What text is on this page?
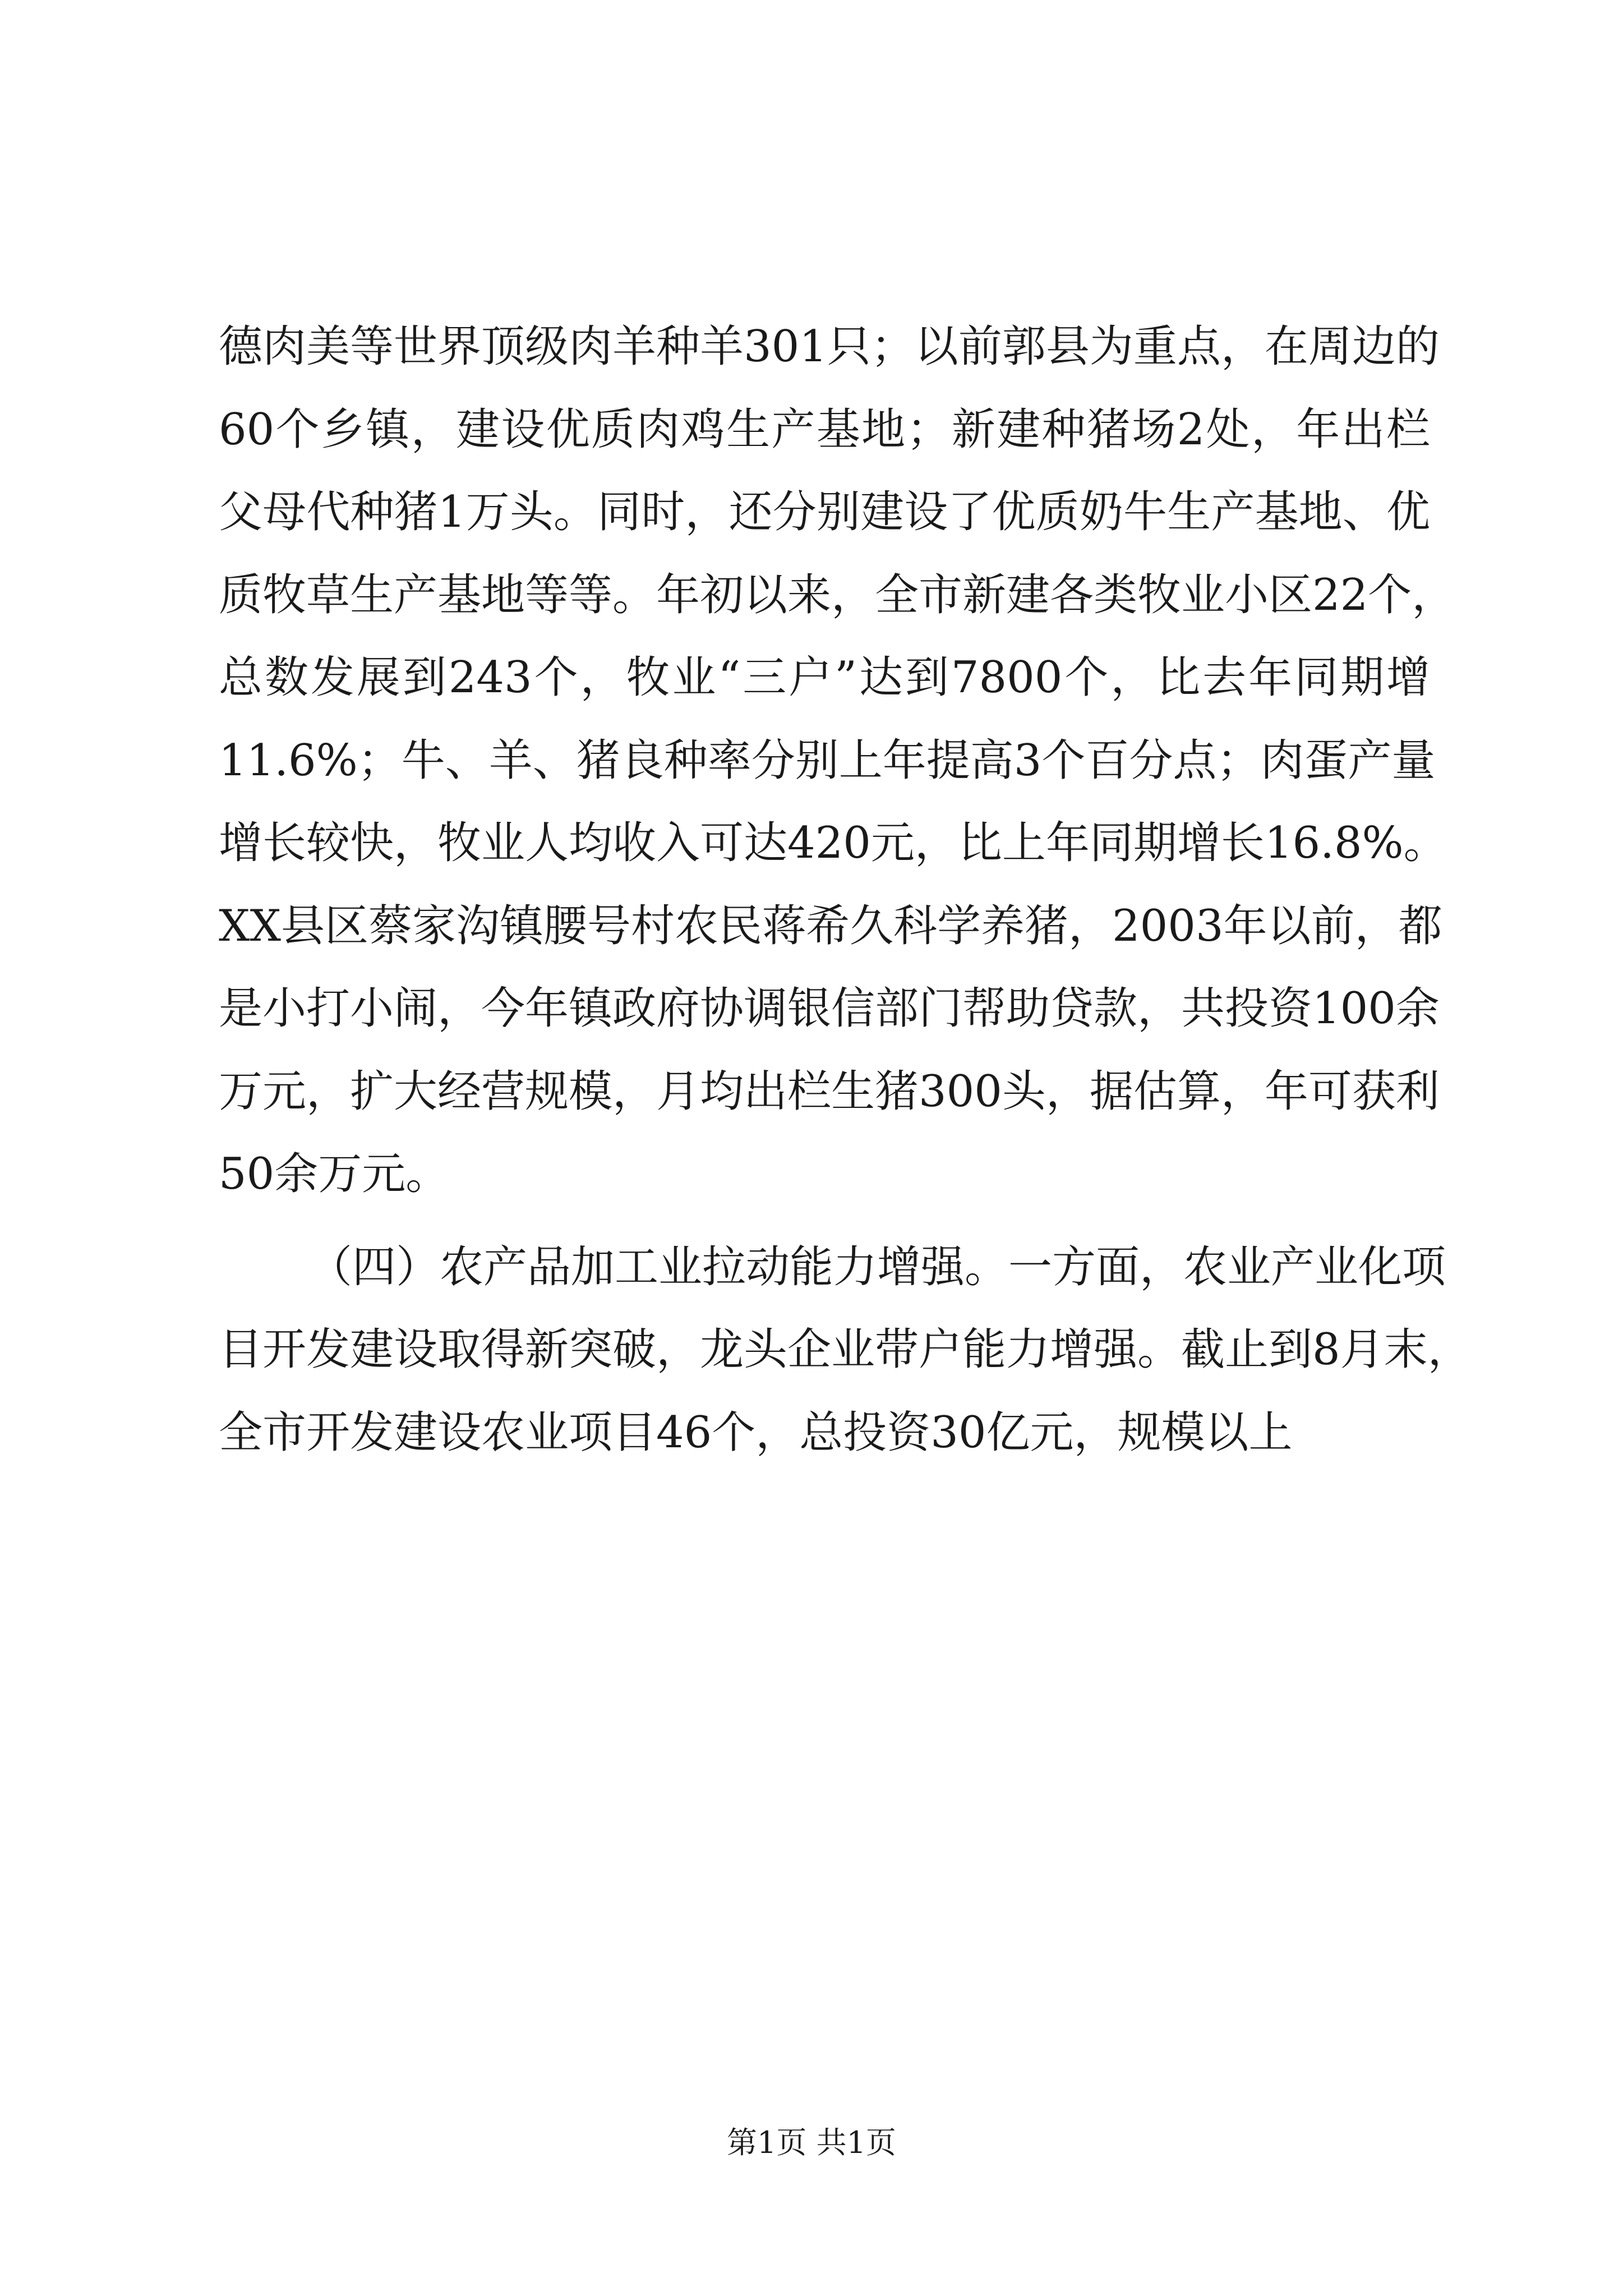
德肉美等世界顶级肉羊种羊301只；以前郭县为重点，在周边的
60个乡镇，建设优质肉鸡生产基地；新建种猪场2处，年出栏
父母代种猪1万头。同时，还分别建设了优质奶牛生产基地、优
质牧草生产基地等等。年初以来，全市新建各类牧业小区22个，
总数发展到243个，牧业“三户”达到7800个，比去年同期增
11.6%；牛、羊、猪良种率分别上年提高3个百分点；肉蛋产量
增长较快，牧业人均收入可达420元，比上年同期增长16.8%。
XX县区蔡家沟镇腰号村农民蒋希久科学养猪，2003年以前，都
是小打小闹，今年镇政府协调银信部门帮助贷款，共投资100余
万元，扩大经营规模，月均出栏生猪300头，据估算，年可获利
50余万元。
（四）农产品加工业拉动能力增强。一方面，农业产业化项
目开发建设取得新突破，龙头企业带户能力增强。截止到8月末，
全市开发建设农业项目46个，总投资30亿元，规模以上
第1页 共1页
